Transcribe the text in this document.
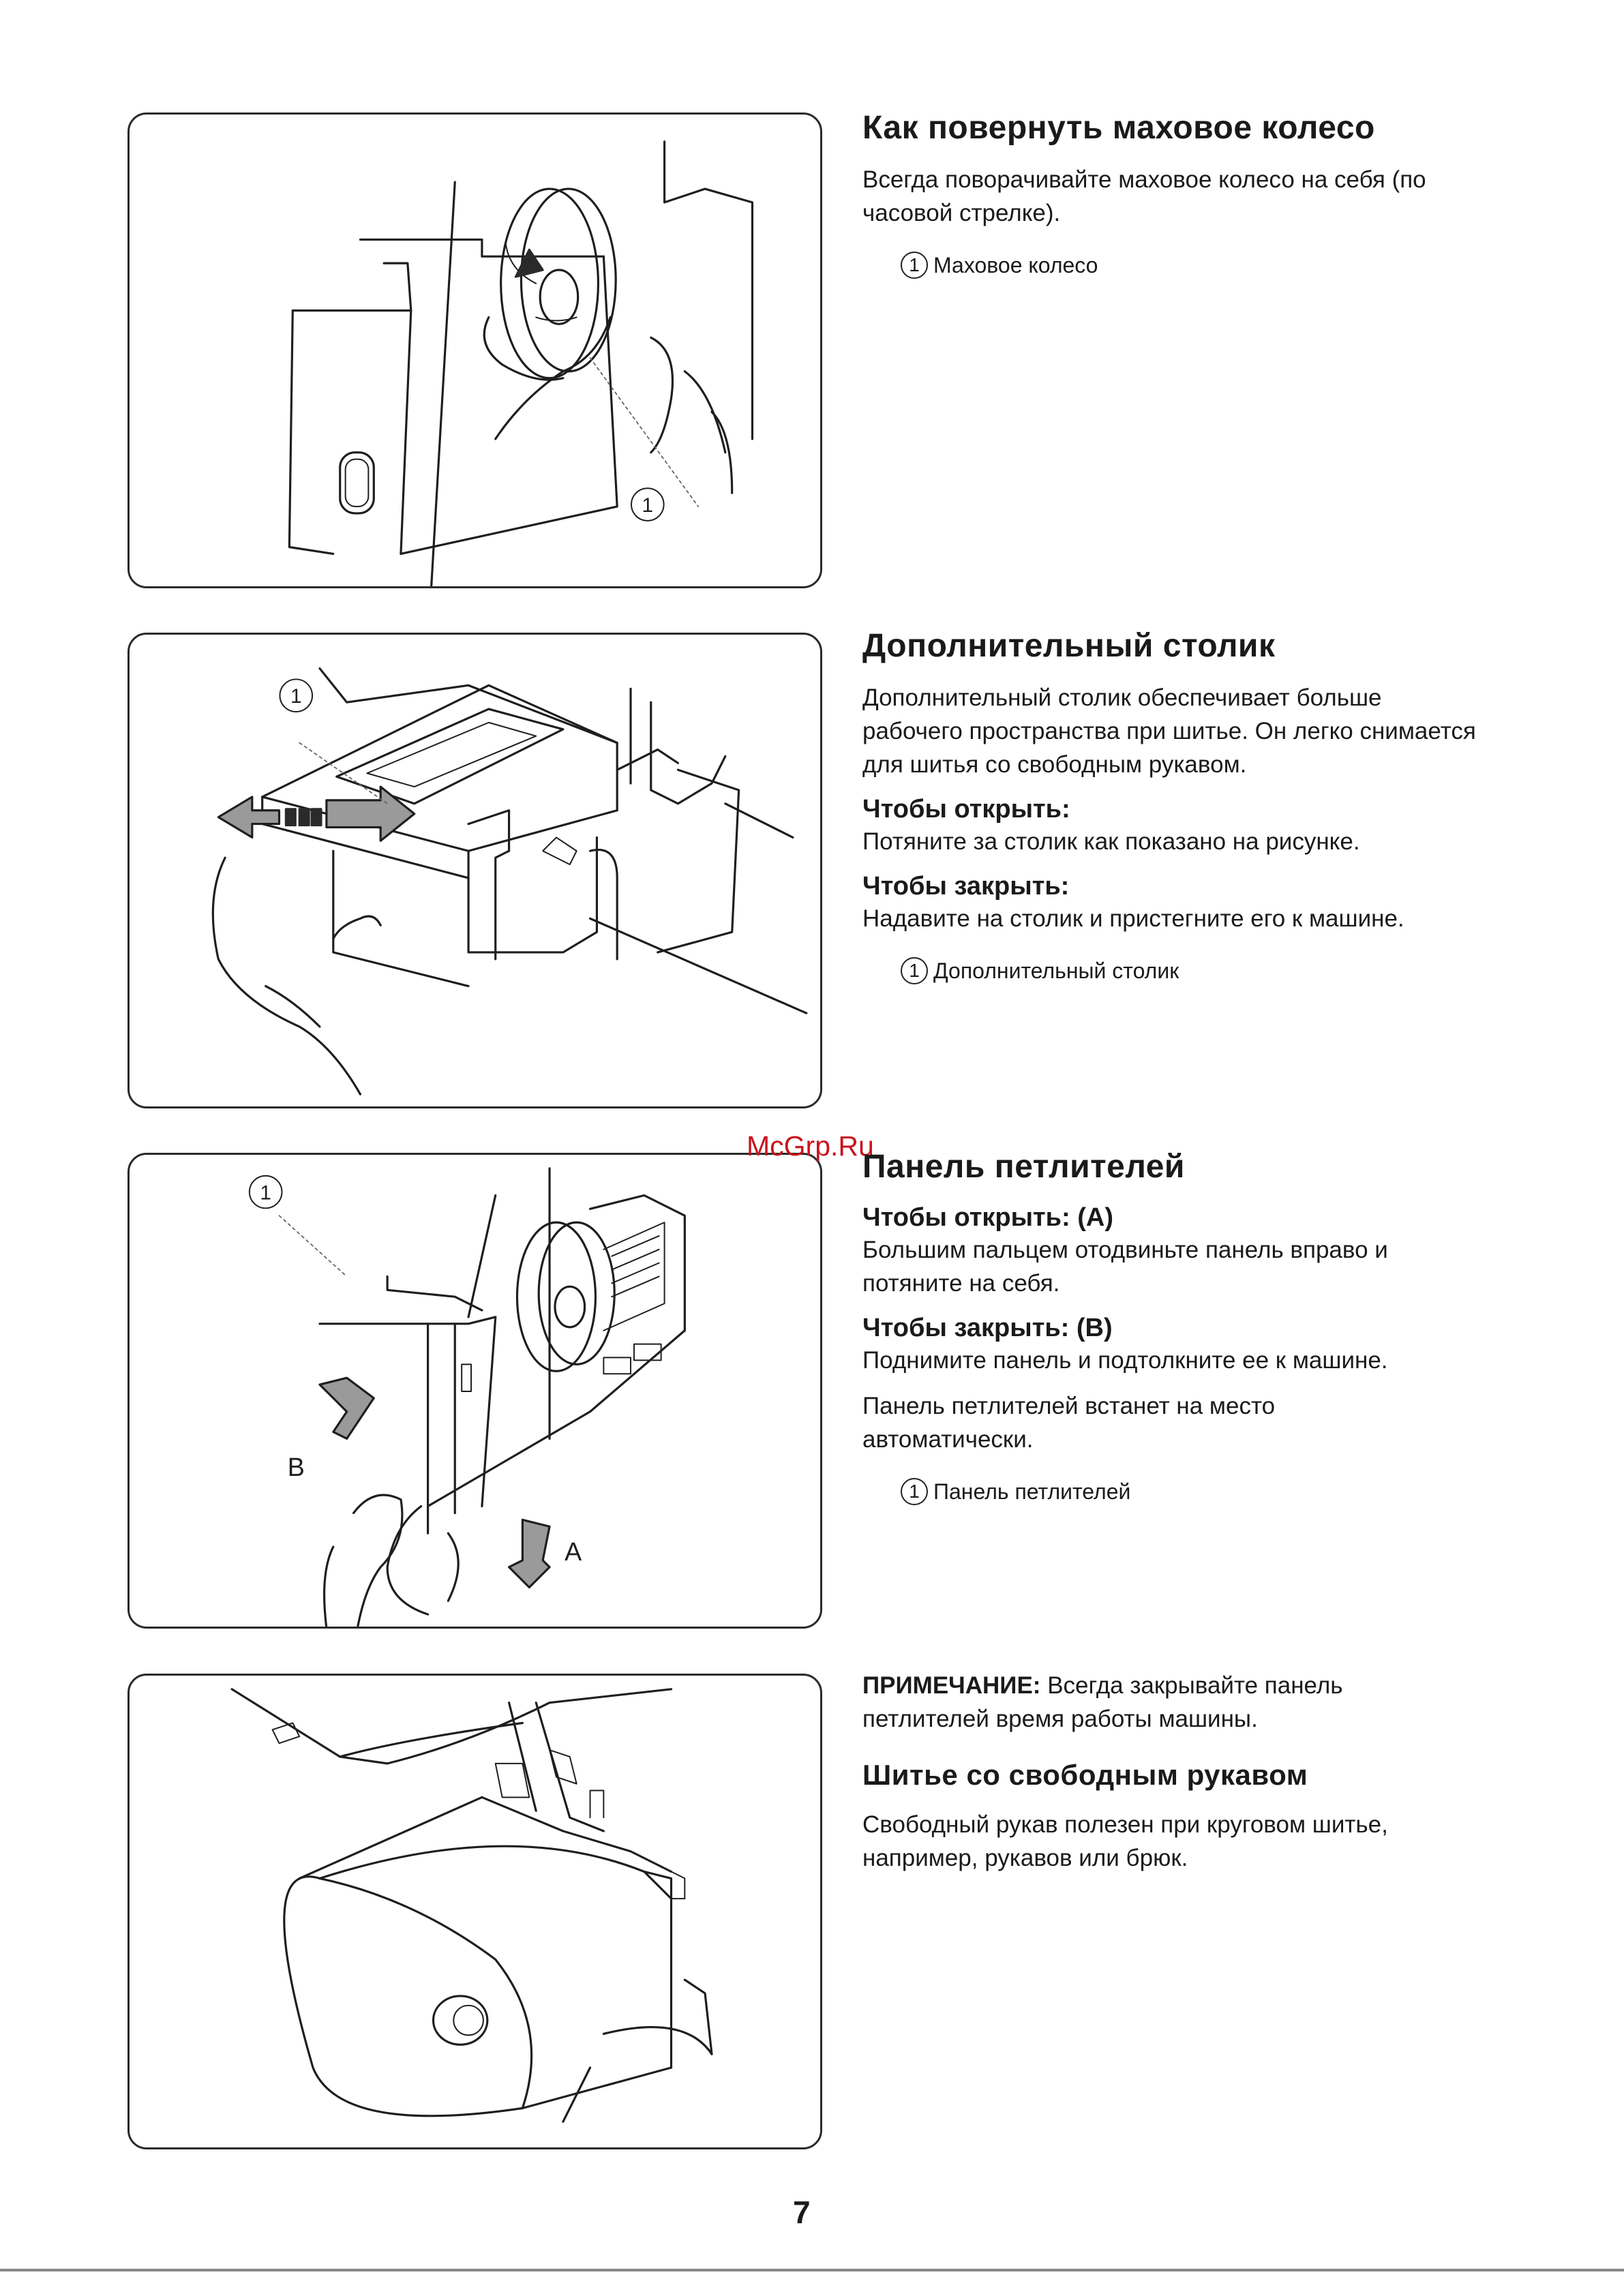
1
1
1
B
A
Как повернуть маховое колесо

Всегда поворачивайте маховое колесо на себя (по часовой стрелке).

1 Маховое колесо
Дополнительный столик

Дополнительный столик обеспечивает больше рабочего пространства при шитье. Он легко снимается для шитья со свободным рукавом.

Чтобы открыть:

Потяните за столик как показано на рисунке.

Чтобы закрыть:

Надавите на столик и пристегните его к машине.

1 Дополнительный столик
McGrp.Ru
Панель петлителей

Чтобы открыть: (A)

Большим пальцем отодвиньте панель вправо и потяните на себя.

Чтобы закрыть: (B)

Поднимите панель и подтолкните ее к машине.

Панель петлителей встанет на место автоматически.

1 Панель петлителей

ПРИМЕЧАНИЕ: Всегда закрывайте панель петлителей время работы машины.

Шитье со свободным рукавом

Свободный рукав полезен при круговом шитье, например, рукавов или брюк.

7
